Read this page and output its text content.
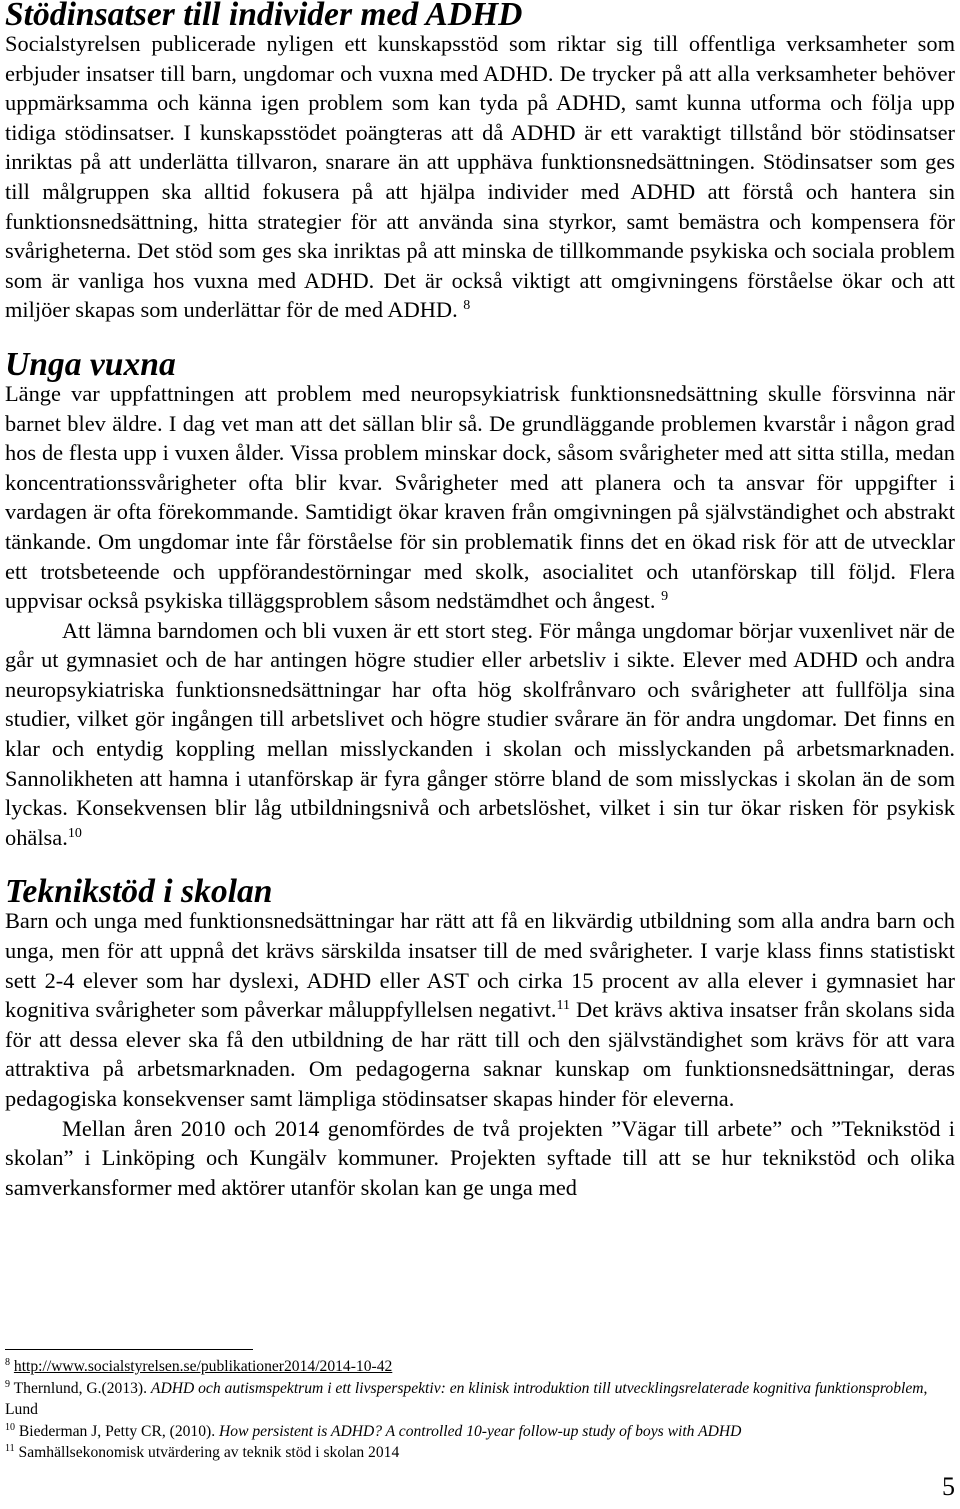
Stödinsatser till individer med ADHD

Socialstyrelsen publicerade nyligen ett kunskapsstöd som riktar sig till offentliga verksamheter som erbjuder insatser till barn, ungdomar och vuxna med ADHD. De trycker på att alla verksamheter behöver uppmärksamma och känna igen problem som kan tyda på ADHD, samt kunna utforma och följa upp tidiga stödinsatser. I kunskapsstödet poängteras att då ADHD är ett varaktigt tillstånd bör stödinsatser inriktas på att underlätta tillvaron, snarare än att upphäva funktionsnedsättningen. Stödinsatser som ges till målgruppen ska alltid fokusera på att hjälpa individer med ADHD att förstå och hantera sin funktionsnedsättning, hitta strategier för att använda sina styrkor, samt bemästra och kompensera för svårigheterna. Det stöd som ges ska inriktas på att minska de tillkommande psykiska och sociala problem som är vanliga hos vuxna med ADHD. Det är också viktigt att omgivningens förståelse ökar och att miljöer skapas som underlättar för de med ADHD. $^8$

Unga vuxna

Länge var uppfattningen att problem med neuropsykiatrisk funktionsnedsättning skulle försvinna när barnet blev äldre. I dag vet man att det sällan blir så. De grundläggande problemen kvarstår i någon grad hos de flesta upp i vuxen ålder. Vissa problem minskar dock, såsom svårigheter med att sitta stilla, medan koncentrationssvårigheter ofta blir kvar. Svårigheter med att planera och ta ansvar för uppgifter i vardagen är ofta förekommande. Samtidigt ökar kraven från omgivningen på självständighet och abstrakt tänkande. Om ungdomar inte får förståelse för sin problematik finns det en ökad risk för att de utvecklar ett trotsbeteende och uppförandestörningar med skolk, asocialitet och utanförskap till följd. Flera uppvisar också psykiska tilläggsproblem såsom nedstämdhet och ångest. $^9$

Att lämna barndomen och bli vuxen är ett stort steg. För många ungdomar börjar vuxenlivet när de går ut gymnasiet och de har antingen högre studier eller arbetsliv i sikte. Elever med ADHD och andra neuropsykiatriska funktionsnedsättningar har ofta hög skolfrånvaro och svårigheter att fullfölja sina studier, vilket gör ingången till arbetslivet och högre studier svårare än för andra ungdomar. Det finns en klar och entydig koppling mellan misslyckanden i skolan och misslyckanden på arbetsmarknaden. Sannolikheten att hamna i utanförskap är fyra gånger större bland de som misslyckas i skolan än de som lyckas. Konsekvensen blir låg utbildningsnivå och arbetslöshet, vilket i sin tur ökar risken för psykisk ohälsa.$^{10}$

Teknikstöd i skolan

Barn och unga med funktionsnedsättningar har rätt att få en likvärdig utbildning som alla andra barn och unga, men för att uppnå det krävs särskilda insatser till de med svårigheter. I varje klass finns statistiskt sett 2-4 elever som har dyslexi, ADHD eller AST och cirka 15 procent av alla elever i gymnasiet har kognitiva svårigheter som påverkar måluppfyllelsen negativt.$^{11}$ Det krävs aktiva insatser från skolans sida för att dessa elever ska få den utbildning de har rätt till och den självständighet som krävs för att vara attraktiva på arbetsmarknaden. Om pedagogerna saknar kunskap om funktionsnedsättningar, deras pedagogiska konsekvenser samt lämpliga stödinsatser skapas hinder för eleverna.

Mellan åren 2010 och 2014 genomfördes de två projekten ”Vägar till arbete” och ”Teknikstöd i skolan” i Linköping och Kungälv kommuner. Projekten syftade till att se hur teknikstöd och olika samverkansformer med aktörer utanför skolan kan ge unga med

$^8$ http://www.socialstyrelsen.se/publikationer2014/2014-10-42

$^9$ Thernlund, G.(2013). ADHD och autismspektrum i ett livsperspektiv: en klinisk introduktion till utvecklingsrelaterade kognitiva funktionsproblem, Lund

$^{10}$ Biederman J, Petty CR, (2010). How persistent is ADHD? A controlled 10-year follow-up study of boys with ADHD

$^{11}$ Samhällsekonomisk utvärdering av teknik stöd i skolan 2014

5
